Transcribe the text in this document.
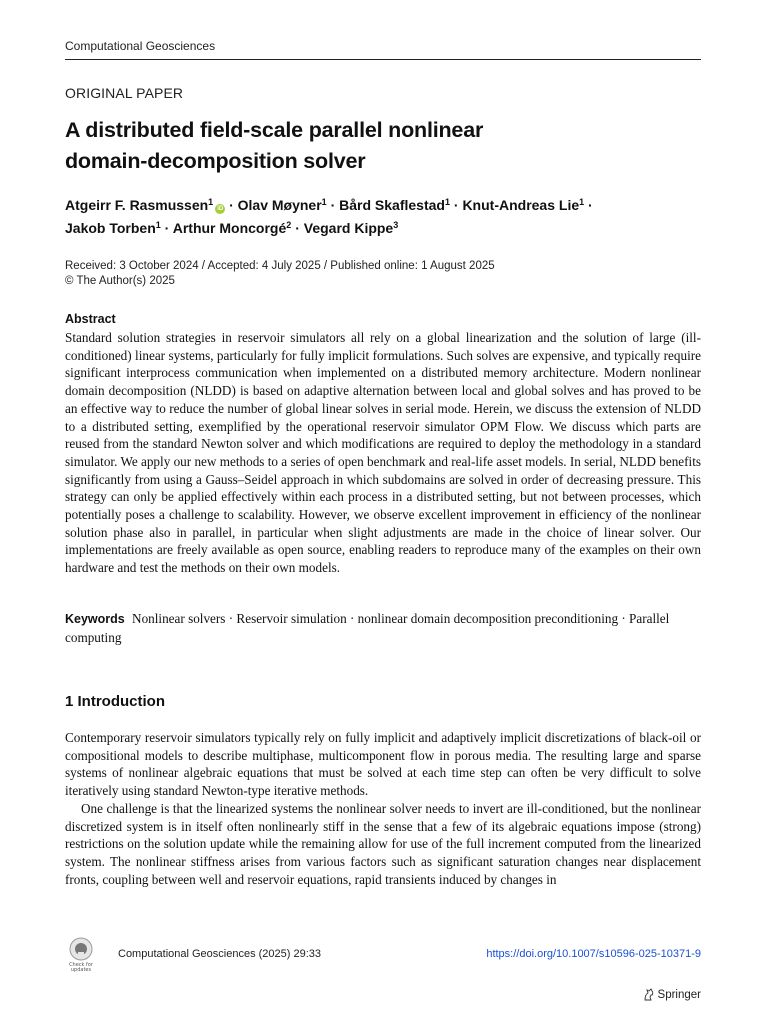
Computational Geosciences
ORIGINAL PAPER
A distributed field-scale parallel nonlinear
domain-decomposition solver
Atgeirr F. Rasmussen$^1$iD · Olav Møyner$^1$ · Bård Skaflestad$^1$ · Knut-Andreas Lie$^1$ ·
Jakob Torben$^1$ · Arthur Moncorgé$^2$ · Vegard Kippe$^3$
Received: 3 October 2024 / Accepted: 4 July 2025 / Published online: 1 August 2025
© The Author(s) 2025
Abstract
Standard solution strategies in reservoir simulators all rely on a global linearization and the solution of large (ill-conditioned) linear systems, particularly for fully implicit formulations. Such solves are expensive, and typically require significant interprocess communication when implemented on a distributed memory architecture. Modern nonlinear domain decomposition (NLDD) is based on adaptive alternation between local and global solves and has proved to be an effective way to reduce the number of global linear solves in serial mode. Herein, we discuss the extension of NLDD to a distributed setting, exemplified by the operational reservoir simulator OPM Flow. We discuss which parts are reused from the standard Newton solver and which modifications are required to deploy the methodology in a standard simulator. We apply our new methods to a series of open benchmark and real-life asset models. In serial, NLDD benefits significantly from using a Gauss–Seidel approach in which subdomains are solved in order of decreasing pressure. This strategy can only be applied effectively within each process in a distributed setting, but not between processes, which potentially poses a challenge to scalability. However, we observe excellent improvement in efficiency of the nonlinear solution phase also in parallel, in particular when slight adjustments are made in the choice of linear solver. Our implementations are freely available as open source, enabling readers to reproduce many of the examples on their own hardware and test the methods on their own models.
Keywords Nonlinear solvers · Reservoir simulation · nonlinear domain decomposition preconditioning · Parallel computing
1 Introduction

Contemporary reservoir simulators typically rely on fully implicit and adaptively implicit discretizations of black-oil or compositional models to describe multiphase, multicomponent flow in porous media. The resulting large and sparse systems of nonlinear algebraic equations that must be solved at each time step can often be very difficult to solve iteratively using standard Newton-type iterative methods.

One challenge is that the linearized systems the nonlinear solver needs to invert are ill-conditioned, but the nonlinear discretized system is in itself often nonlinearly stiff in the sense that a few of its algebraic equations impose (strong) restrictions on the solution update while the remaining allow for use of the full increment computed from the linearized system. The nonlinear stiffness arises from various factors such as significant saturation changes near displacement fronts, coupling between well and reservoir equations, rapid transients induced by changes in

Check for
updates
Computational Geosciences (2025) 29:33	https://doi.org/10.1007/s10596-025-10371-9
Springer
